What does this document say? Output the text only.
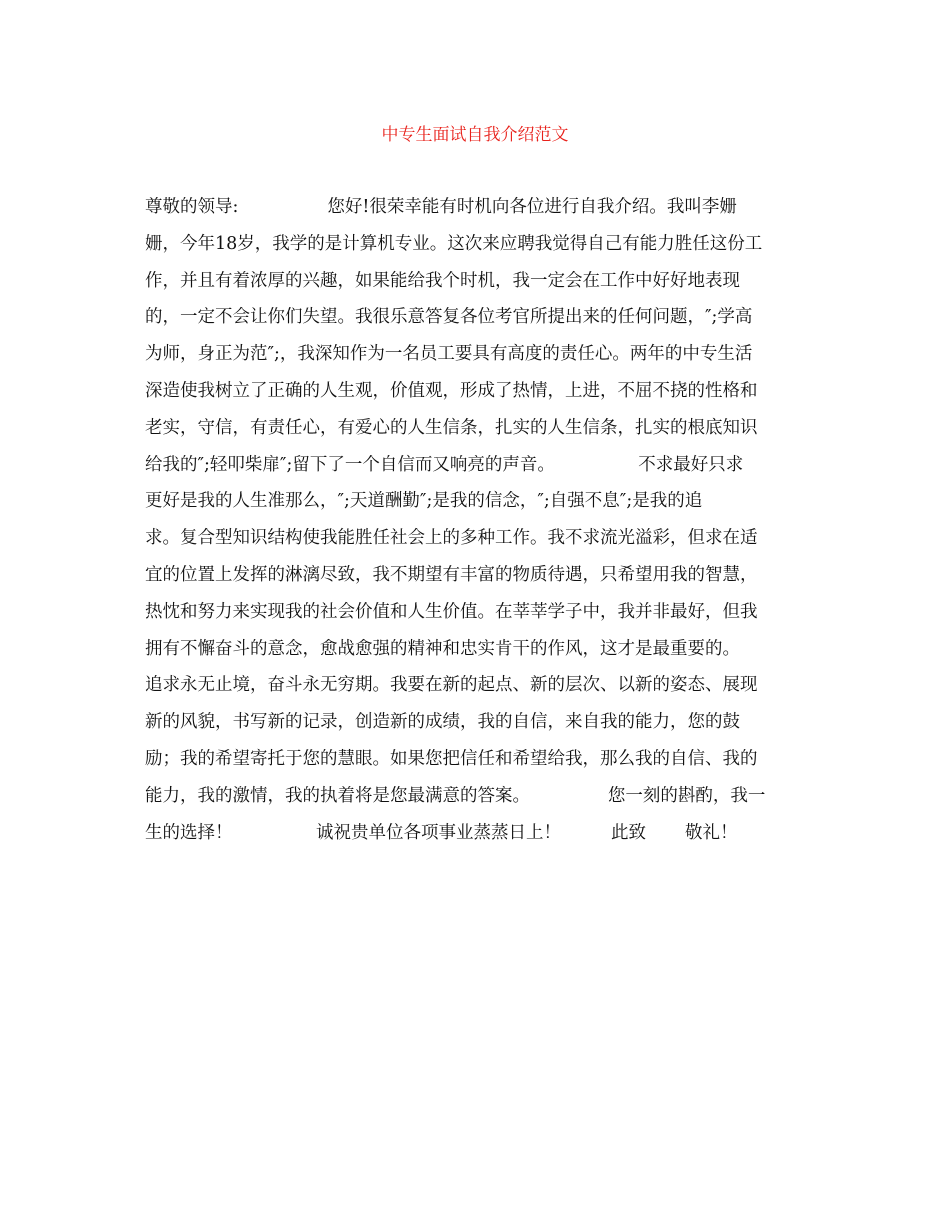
中专生面试自我介绍范文
尊敬的领导:                您好!很荣幸能有时机向各位进行自我介绍。我叫李姗
姗，今年18岁，我学的是计算机专业。这次来应聘我觉得自己有能力胜任这份工
作，并且有着浓厚的兴趣，如果能给我个时机，我一定会在工作中好好地表现
的，一定不会让你们失望。我很乐意答复各位考官所提出来的任何问题，″;学高
为师，身正为范″;，我深知作为一名员工要具有高度的责任心。两年的中专生活
深造使我树立了正确的人生观，价值观，形成了热情，上进，不屈不挠的性格和
老实，守信，有责任心，有爱心的人生信条，扎实的人生信条，扎实的根底知识
给我的″;轻叩柴扉″;留下了一个自信而又响亮的声音。               不求最好只求
更好是我的人生准那么，″;天道酬勤″;是我的信念，″;自强不息″;是我的追
求。复合型知识结构使我能胜任社会上的多种工作。我不求流光溢彩，但求在适
宜的位置上发挥的淋漓尽致，我不期望有丰富的物质待遇，只希望用我的智慧，
热忱和努力来实现我的社会价值和人生价值。在莘莘学子中，我并非最好，但我
拥有不懈奋斗的意念，愈战愈强的精神和忠实肯干的作风，这才是最重要的。
追求永无止境，奋斗永无穷期。我要在新的起点、新的层次、以新的姿态、展现
新的风貌，书写新的记录，创造新的成绩，我的自信，来自我的能力，您的鼓
励；我的希望寄托于您的慧眼。如果您把信任和希望给我，那么我的自信、我的
能力，我的激情，我的执着将是您最满意的答案。              您一刻的斟酌，我一
生的选择！               诚祝贵单位各项事业蒸蒸日上！         此致       敬礼！
